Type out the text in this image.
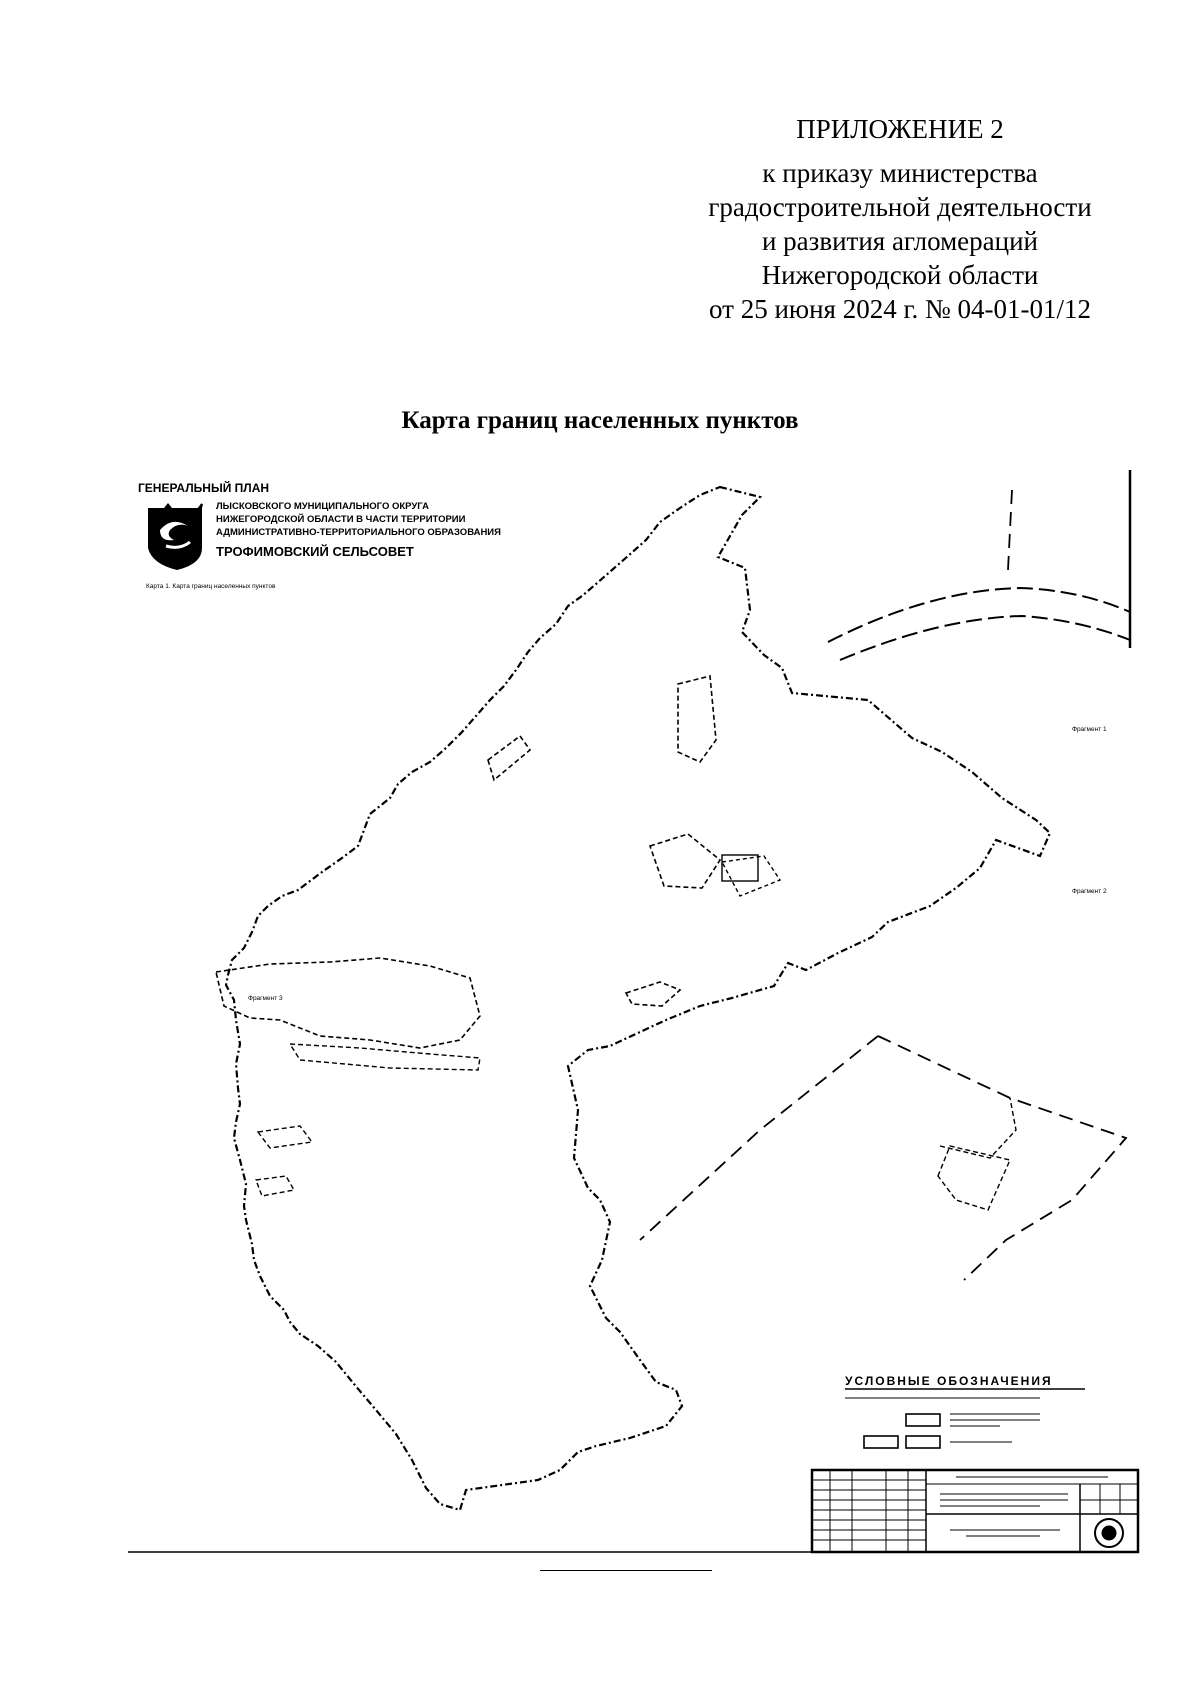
ПРИЛОЖЕНИЕ 2
к приказу министерства
градостроительной деятельности
и развития агломераций
Нижегородской области
от 25 июня 2024 г. № 04-01-01/12
Карта границ населенных пунктов
ГЕНЕРАЛЬНЫЙ ПЛАН
ЛЫСКОВСКОГО МУНИЦИПАЛЬНОГО ОКРУГА
НИЖЕГОРОДСКОЙ ОБЛАСТИ В ЧАСТИ ТЕРРИТОРИИ
АДМИНИСТРАТИВНО-ТЕРРИТОРИАЛЬНОГО ОБРАЗОВАНИЯ
ТРОФИМОВСКИЙ СЕЛЬСОВЕТ
Карта 1. Карта границ населенных пунктов
Фрагмент 1
Фрагмент 2
Фрагмент 3
УСЛОВНЫЕ ОБОЗНАЧЕНИЯ
